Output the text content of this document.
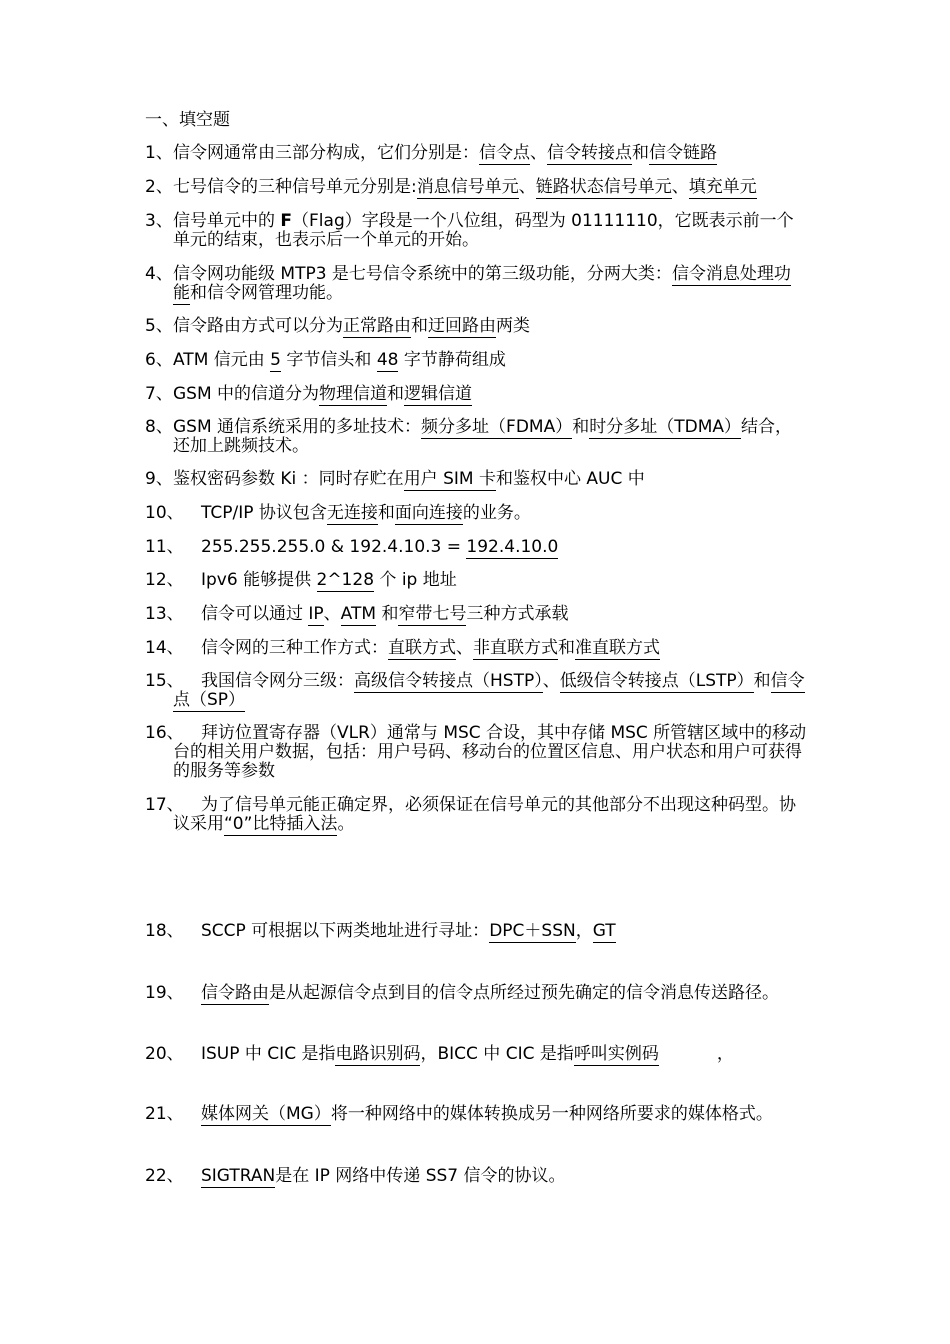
一、填空题
1、 信令网通常由三部分构成，它们分别是：信令点、信令转接点和信令链路
2、 七号信令的三种信号单元分别是:消息信号单元、链路状态信号单元、填充单元
3、 信号单元中的 F（Flag）字段是一个八位组，码型为 01111110，它既表示前一个单元的结束，也表示后一个单元的开始。
4、 信令网功能级 MTP3 是七号信令系统中的第三级功能，分两大类：信令消息处理功能和信令网管理功能。
5、 信令路由方式可以分为正常路由和迂回路由两类
6、 ATM 信元由 5 字节信头和 48 字节静荷组成
7、 GSM 中的信道分为物理信道和逻辑信道
8、 GSM 通信系统采用的多址技术：频分多址（FDMA）和时分多址（TDMA）结合，还加上跳频技术。
9、 鉴权密码参数 Ki ：同时存贮在用户 SIM 卡和鉴权中心 AUC 中
10、 TCP/IP 协议包含无连接和面向连接的业务。
11、 255.255.255.0 & 192.4.10.3 = 192.4.10.0
12、 Ipv6 能够提供 2^128 个 ip 地址
13、 信令可以通过 IP、ATM 和窄带七号三种方式承载
14、 信令网的三种工作方式：直联方式、非直联方式和准直联方式
15、	我国信令网分三级：高级信令转接点（HSTP）、低级信令转接点（LSTP）和信令点（SP）
16、	拜访位置寄存器（VLR）通常与 MSC 合设，其中存储 MSC 所管辖区域中的移动台的相关用户数据，包括：用户号码、移动台的位置区信息、用户状态和用户可获得的服务等参数
17、	为了信号单元能正确定界，必须保证在信号单元的其他部分不出现这种码型。协议采用“0”比特插入法。
18、 SCCP 可根据以下两类地址进行寻址：DPC＋SSN，GT
19、 信令路由是从起源信令点到目的信令点所经过预先确定的信令消息传送路径。
20、 ISUP 中 CIC 是指电路识别码，BICC 中 CIC 是指呼叫实例码	，
21、 媒体网关（MG）将一种网络中的媒体转换成另一种网络所要求的媒体格式。
22、 SIGTRAN是在 IP 网络中传递 SS7 信令的协议。
